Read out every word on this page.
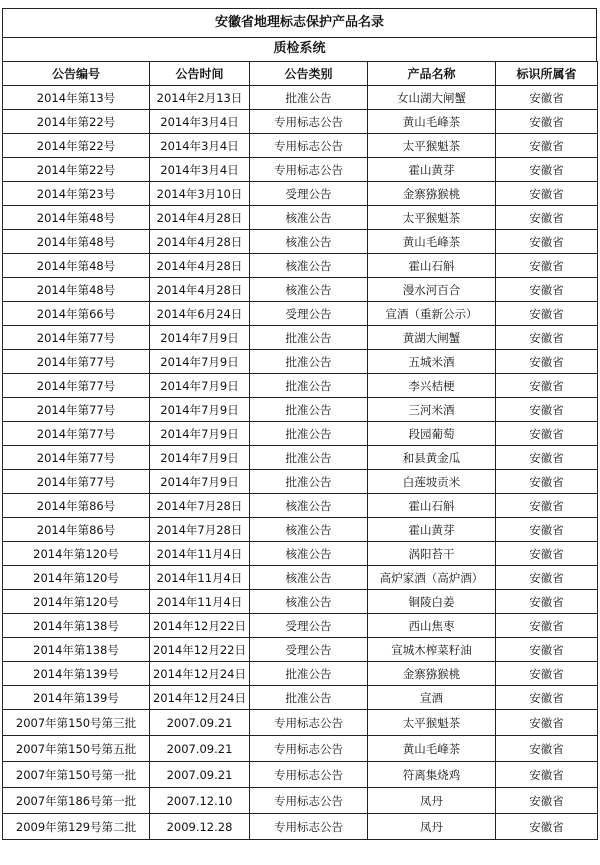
安徽省地理标志保护产品名录
质检系统
公告编号	公告时间	公告类别	产品名称	标识所属省
2014年第13号	2014年2月13日	批准公告	女山湖大闸蟹	安徽省
2014年第22号	2014年3月4日	专用标志公告	黄山毛峰茶	安徽省
2014年第22号	2014年3月4日	专用标志公告	太平猴魁茶	安徽省
2014年第22号	2014年3月4日	专用标志公告	霍山黄芽	安徽省
2014年第23号	2014年3月10日	受理公告	金寨猕猴桃	安徽省
2014年第48号	2014年4月28日	核准公告	太平猴魁茶	安徽省
2014年第48号	2014年4月28日	核准公告	黄山毛峰茶	安徽省
2014年第48号	2014年4月28日	核准公告	霍山石斛	安徽省
2014年第48号	2014年4月28日	核准公告	漫水河百合	安徽省
2014年第66号	2014年6月24日	受理公告	宣酒（重新公示）	安徽省
2014年第77号	2014年7月9日	批准公告	黄湖大闸蟹	安徽省
2014年第77号	2014年7月9日	批准公告	五城米酒	安徽省
2014年第77号	2014年7月9日	批准公告	李兴桔梗	安徽省
2014年第77号	2014年7月9日	批准公告	三河米酒	安徽省
2014年第77号	2014年7月9日	批准公告	段园葡萄	安徽省
2014年第77号	2014年7月9日	批准公告	和县黄金瓜	安徽省
2014年第77号	2014年7月9日	批准公告	白莲坡贡米	安徽省
2014年第86号	2014年7月28日	核准公告	霍山石斛	安徽省
2014年第86号	2014年7月28日	核准公告	霍山黄芽	安徽省
2014年第120号	2014年11月4日	核准公告	涡阳苔干	安徽省
2014年第120号	2014年11月4日	核准公告	高炉家酒（高炉酒）	安徽省
2014年第120号	2014年11月4日	核准公告	铜陵白姜	安徽省
2014年第138号	2014年12月22日	受理公告	西山焦枣	安徽省
2014年第138号	2014年12月22日	受理公告	宣城木榨菜籽油	安徽省
2014年第139号	2014年12月24日	批准公告	金寨猕猴桃	安徽省
2014年第139号	2014年12月24日	批准公告	宣酒	安徽省
2007年第150号第三批	2007.09.21	专用标志公告	太平猴魁茶	安徽省
2007年第150号第五批	2007.09.21	专用标志公告	黄山毛峰茶	安徽省
2007年第150号第一批	2007.09.21	专用标志公告	符离集烧鸡	安徽省
2007年第186号第一批	2007.12.10	专用标志公告	凤丹	安徽省
2009年第129号第二批	2009.12.28	专用标志公告	凤丹	安徽省
